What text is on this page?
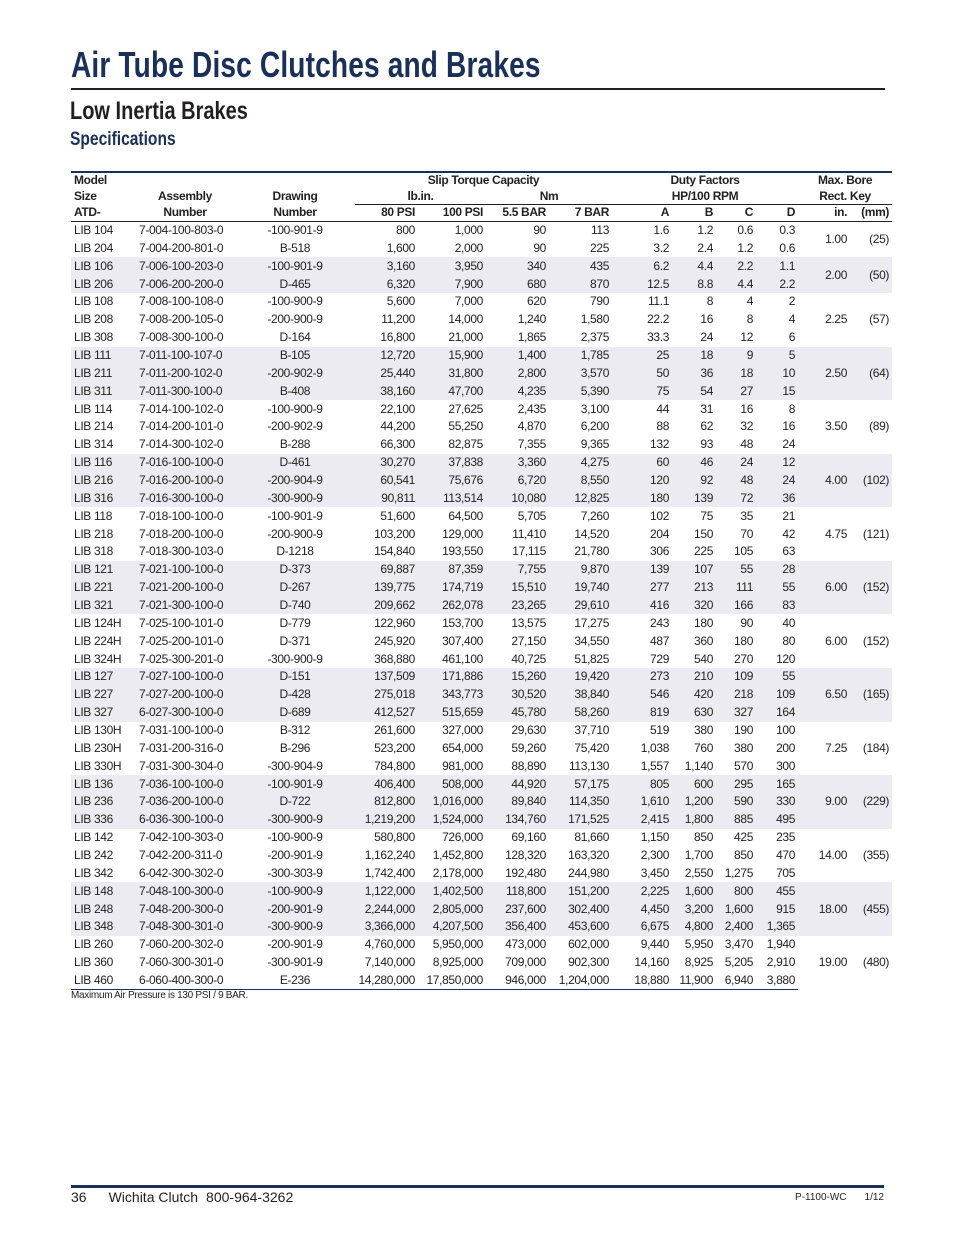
Air Tube Disc Clutches and Brakes
Low Inertia Brakes
Specifications
Model			Slip Torque Capacity				Duty Factors				Max. Bore	
Size	Assembly	Drawing	lb.in.		Nm		HP/100 RPM				Rect. Key	
ATD-	Number	Number	80 PSI	100 PSI	5.5 BAR	7 BAR	A	B	C	D	in.	(mm)
LIB 104	7-004-100-803-0	-100-901-9	800	1,000	90	113	1.6	1.2	0.6	0.3	1.00	(25)
LIB 204	7-004-200-801-0	B-518	1,600	2,000	90	225	3.2	2.4	1.2	0.6		
LIB 106	7-006-100-203-0	-100-901-9	3,160	3,950	340	435	6.2	4.4	2.2	1.1	2.00	(50)
LIB 206	7-006-200-200-0	D-465	6,320	7,900	680	870	12.5	8.8	4.4	2.2		
LIB 108	7-008-100-108-0	-100-900-9	5,600	7,000	620	790	11.1	8	4	2	2.25	(57)
LIB 208	7-008-200-105-0	-200-900-9	11,200	14,000	1,240	1,580	22.2	16	8	4		
LIB 308	7-008-300-100-0	D-164	16,800	21,000	1,865	2,375	33.3	24	12	6		
LIB 111	7-011-100-107-0	B-105	12,720	15,900	1,400	1,785	25	18	9	5	2.50	(64)
LIB 211	7-011-200-102-0	-200-902-9	25,440	31,800	2,800	3,570	50	36	18	10		
LIB 311	7-011-300-100-0	B-408	38,160	47,700	4,235	5,390	75	54	27	15		
LIB 114	7-014-100-102-0	-100-900-9	22,100	27,625	2,435	3,100	44	31	16	8	3.50	(89)
LIB 214	7-014-200-101-0	-200-902-9	44,200	55,250	4,870	6,200	88	62	32	16		
LIB 314	7-014-300-102-0	B-288	66,300	82,875	7,355	9,365	132	93	48	24		
LIB 116	7-016-100-100-0	D-461	30,270	37,838	3,360	4,275	60	46	24	12	4.00	(102)
LIB 216	7-016-200-100-0	-200-904-9	60,541	75,676	6,720	8,550	120	92	48	24		
LIB 316	7-016-300-100-0	-300-900-9	90,811	113,514	10,080	12,825	180	139	72	36		
LIB 118	7-018-100-100-0	-100-901-9	51,600	64,500	5,705	7,260	102	75	35	21	4.75	(121)
LIB 218	7-018-200-100-0	-200-900-9	103,200	129,000	11,410	14,520	204	150	70	42		
LIB 318	7-018-300-103-0	D-1218	154,840	193,550	17,115	21,780	306	225	105	63		
LIB 121	7-021-100-100-0	D-373	69,887	87,359	7,755	9,870	139	107	55	28	6.00	(152)
LIB 221	7-021-200-100-0	D-267	139,775	174,719	15,510	19,740	277	213	111	55		
LIB 321	7-021-300-100-0	D-740	209,662	262,078	23,265	29,610	416	320	166	83		
LIB 124H	7-025-100-101-0	D-779	122,960	153,700	13,575	17,275	243	180	90	40	6.00	(152)
LIB 224H	7-025-200-101-0	D-371	245,920	307,400	27,150	34,550	487	360	180	80		
LIB 324H	7-025-300-201-0	-300-900-9	368,880	461,100	40,725	51,825	729	540	270	120		
LIB 127	7-027-100-100-0	D-151	137,509	171,886	15,260	19,420	273	210	109	55	6.50	(165)
LIB 227	7-027-200-100-0	D-428	275,018	343,773	30,520	38,840	546	420	218	109		
LIB 327	6-027-300-100-0	D-689	412,527	515,659	45,780	58,260	819	630	327	164		
LIB 130H	7-031-100-100-0	B-312	261,600	327,000	29,630	37,710	519	380	190	100	7.25	(184)
LIB 230H	7-031-200-316-0	B-296	523,200	654,000	59,260	75,420	1,038	760	380	200		
LIB 330H	7-031-300-304-0	-300-904-9	784,800	981,000	88,890	113,130	1,557	1,140	570	300		
LIB 136	7-036-100-100-0	-100-901-9	406,400	508,000	44,920	57,175	805	600	295	165	9.00	(229)
LIB 236	7-036-200-100-0	D-722	812,800	1,016,000	89,840	114,350	1,610	1,200	590	330		
LIB 336	6-036-300-100-0	-300-900-9	1,219,200	1,524,000	134,760	171,525	2,415	1,800	885	495		
LIB 142	7-042-100-303-0	-100-900-9	580,800	726,000	69,160	81,660	1,150	850	425	235	14.00	(355)
LIB 242	7-042-200-311-0	-200-901-9	1,162,240	1,452,800	128,320	163,320	2,300	1,700	850	470		
LIB 342	6-042-300-302-0	-300-303-9	1,742,400	2,178,000	192,480	244,980	3,450	2,550	1,275	705		
LIB 148	7-048-100-300-0	-100-900-9	1,122,000	1,402,500	118,800	151,200	2,225	1,600	800	455	18.00	(455)
LIB 248	7-048-200-300-0	-200-901-9	2,244,000	2,805,000	237,600	302,400	4,450	3,200	1,600	915		
LIB 348	7-048-300-301-0	-300-900-9	3,366,000	4,207,500	356,400	453,600	6,675	4,800	2,400	1,365		
LIB 260	7-060-200-302-0	-200-901-9	4,760,000	5,950,000	473,000	602,000	9,440	5,950	3,470	1,940	19.00	(480)
LIB 360	7-060-300-301-0	-300-901-9	7,140,000	8,925,000	709,000	902,300	14,160	8,925	5,205	2,910		
LIB 460	6-060-400-300-0	E-236	14,280,000	17,850,000	946,000	1,204,000	18,880	11,900	6,940	3,880		
Maximum Air Pressure is 130 PSI / 9 BAR.
36 Wichita Clutch 800-964-3262	P-1100-WC 1/12
